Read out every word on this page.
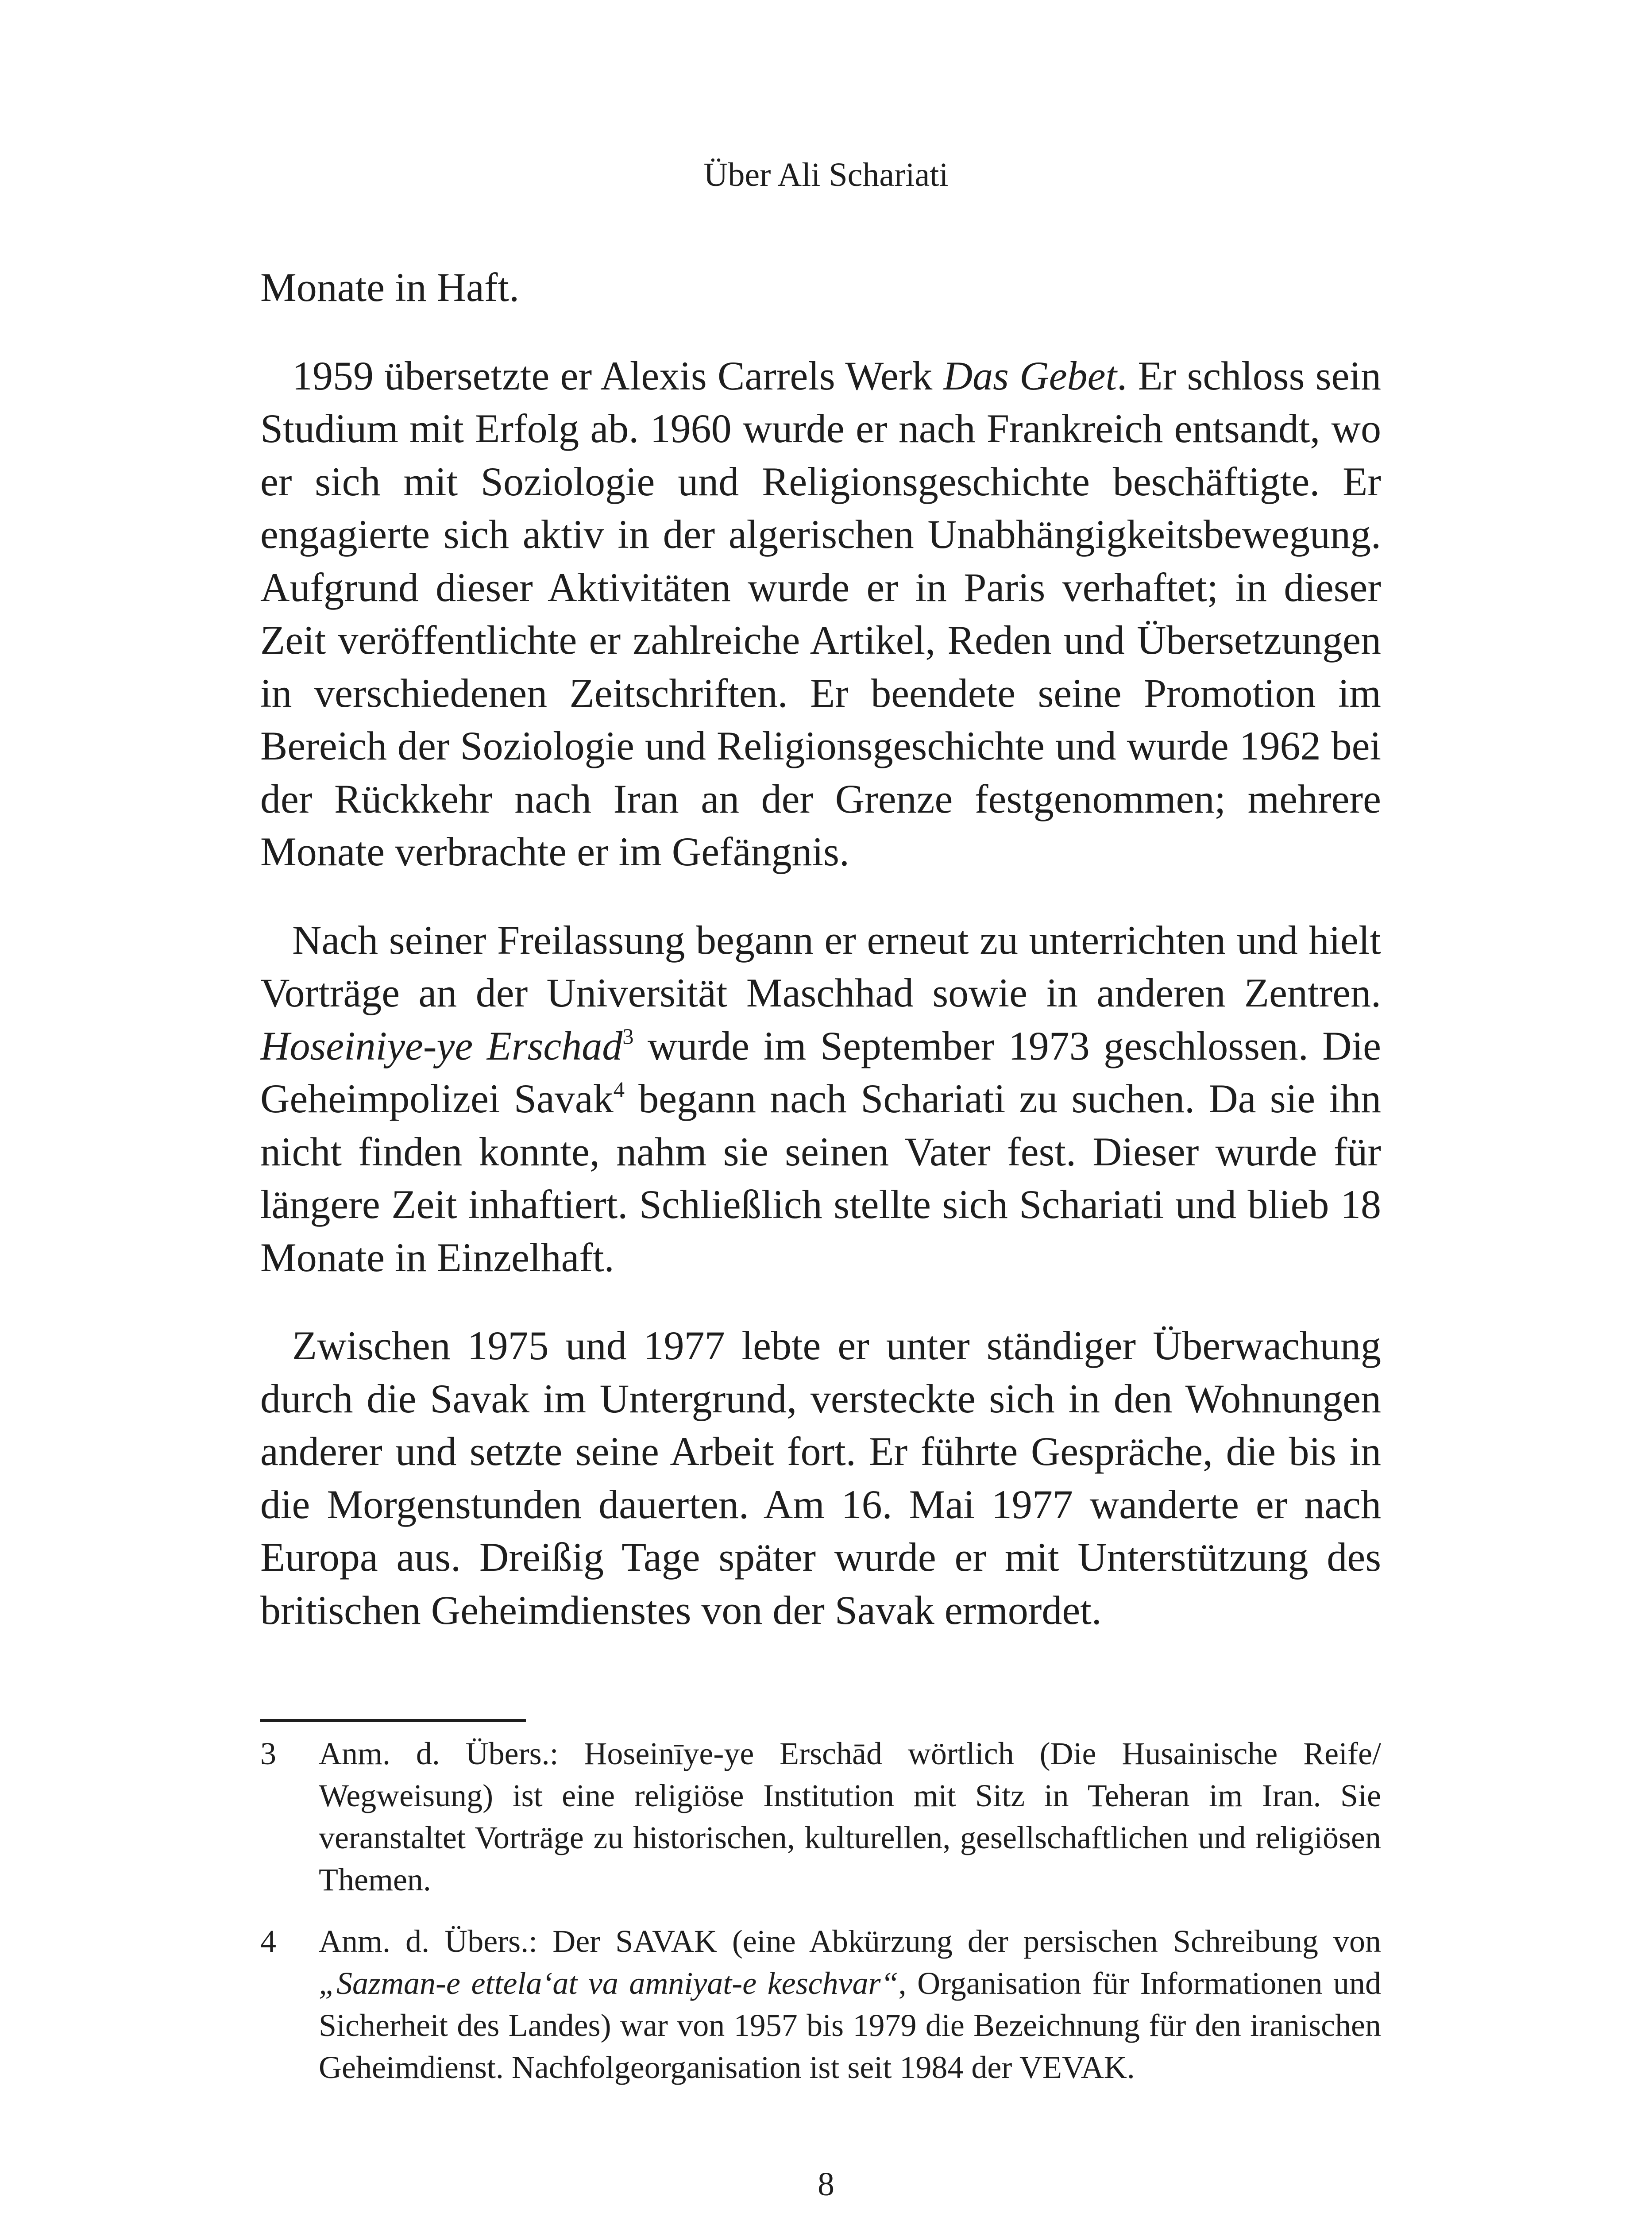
Über Ali Schariati

Monate in Haft.

1959 übersetzte er Alexis Carrels Werk Das Gebet. Er schloss sein Studium mit Erfolg ab. 1960 wurde er nach Frankreich entsandt, wo er sich mit Soziologie und Religionsgeschichte beschäftigte. Er engagierte sich aktiv in der algerischen Unabhängigkeitsbewegung. Aufgrund dieser Aktivitäten wurde er in Paris verhaftet; in dieser Zeit veröffentlichte er zahlreiche Artikel, Reden und Übersetzungen in verschiedenen Zeitschriften. Er beendete seine Promotion im Bereich der Soziologie und Religionsgeschichte und wurde 1962 bei der Rückkehr nach Iran an der Grenze festgenommen; mehrere Monate verbrachte er im Gefängnis.

Nach seiner Freilassung begann er erneut zu unterrichten und hielt Vorträge an der Universität Maschhad sowie in anderen Zentren. Hoseiniye-ye Erschad$^3$ wurde im September 1973 geschlossen. Die Geheimpolizei Savak$^4$ begann nach Schariati zu suchen. Da sie ihn nicht finden konnte, nahm sie seinen Vater fest. Dieser wurde für längere Zeit inhaftiert. Schließlich stellte sich Schariati und blieb 18 Monate in Einzelhaft.

Zwischen 1975 und 1977 lebte er unter ständiger Überwachung durch die Savak im Untergrund, versteckte sich in den Wohnungen anderer und setzte seine Arbeit fort. Er führte Gespräche, die bis in die Morgenstunden dauerten. Am 16. Mai 1977 wanderte er nach Europa aus. Dreißig Tage später wurde er mit Unterstützung des britischen Geheimdienstes von der Savak ermordet.

3 Anm. d. Übers.: Hoseinīye-ye Erschād wörtlich (Die Husainische Reife/ Wegweisung) ist eine religiöse Institution mit Sitz in Teheran im Iran. Sie veranstaltet Vorträge zu historischen, kulturellen, gesellschaftlichen und religiösen Themen.
4 Anm. d. Übers.: Der SAVAK (eine Abkürzung der persischen Schreibung von „Sazman-e ettela‘at va amniyat-e keschvar“, Organisation für Informationen und Sicherheit des Landes) war von 1957 bis 1979 die Bezeichnung für den iranischen Geheimdienst. Nachfolgeorganisation ist seit 1984 der VEVAK.
8
